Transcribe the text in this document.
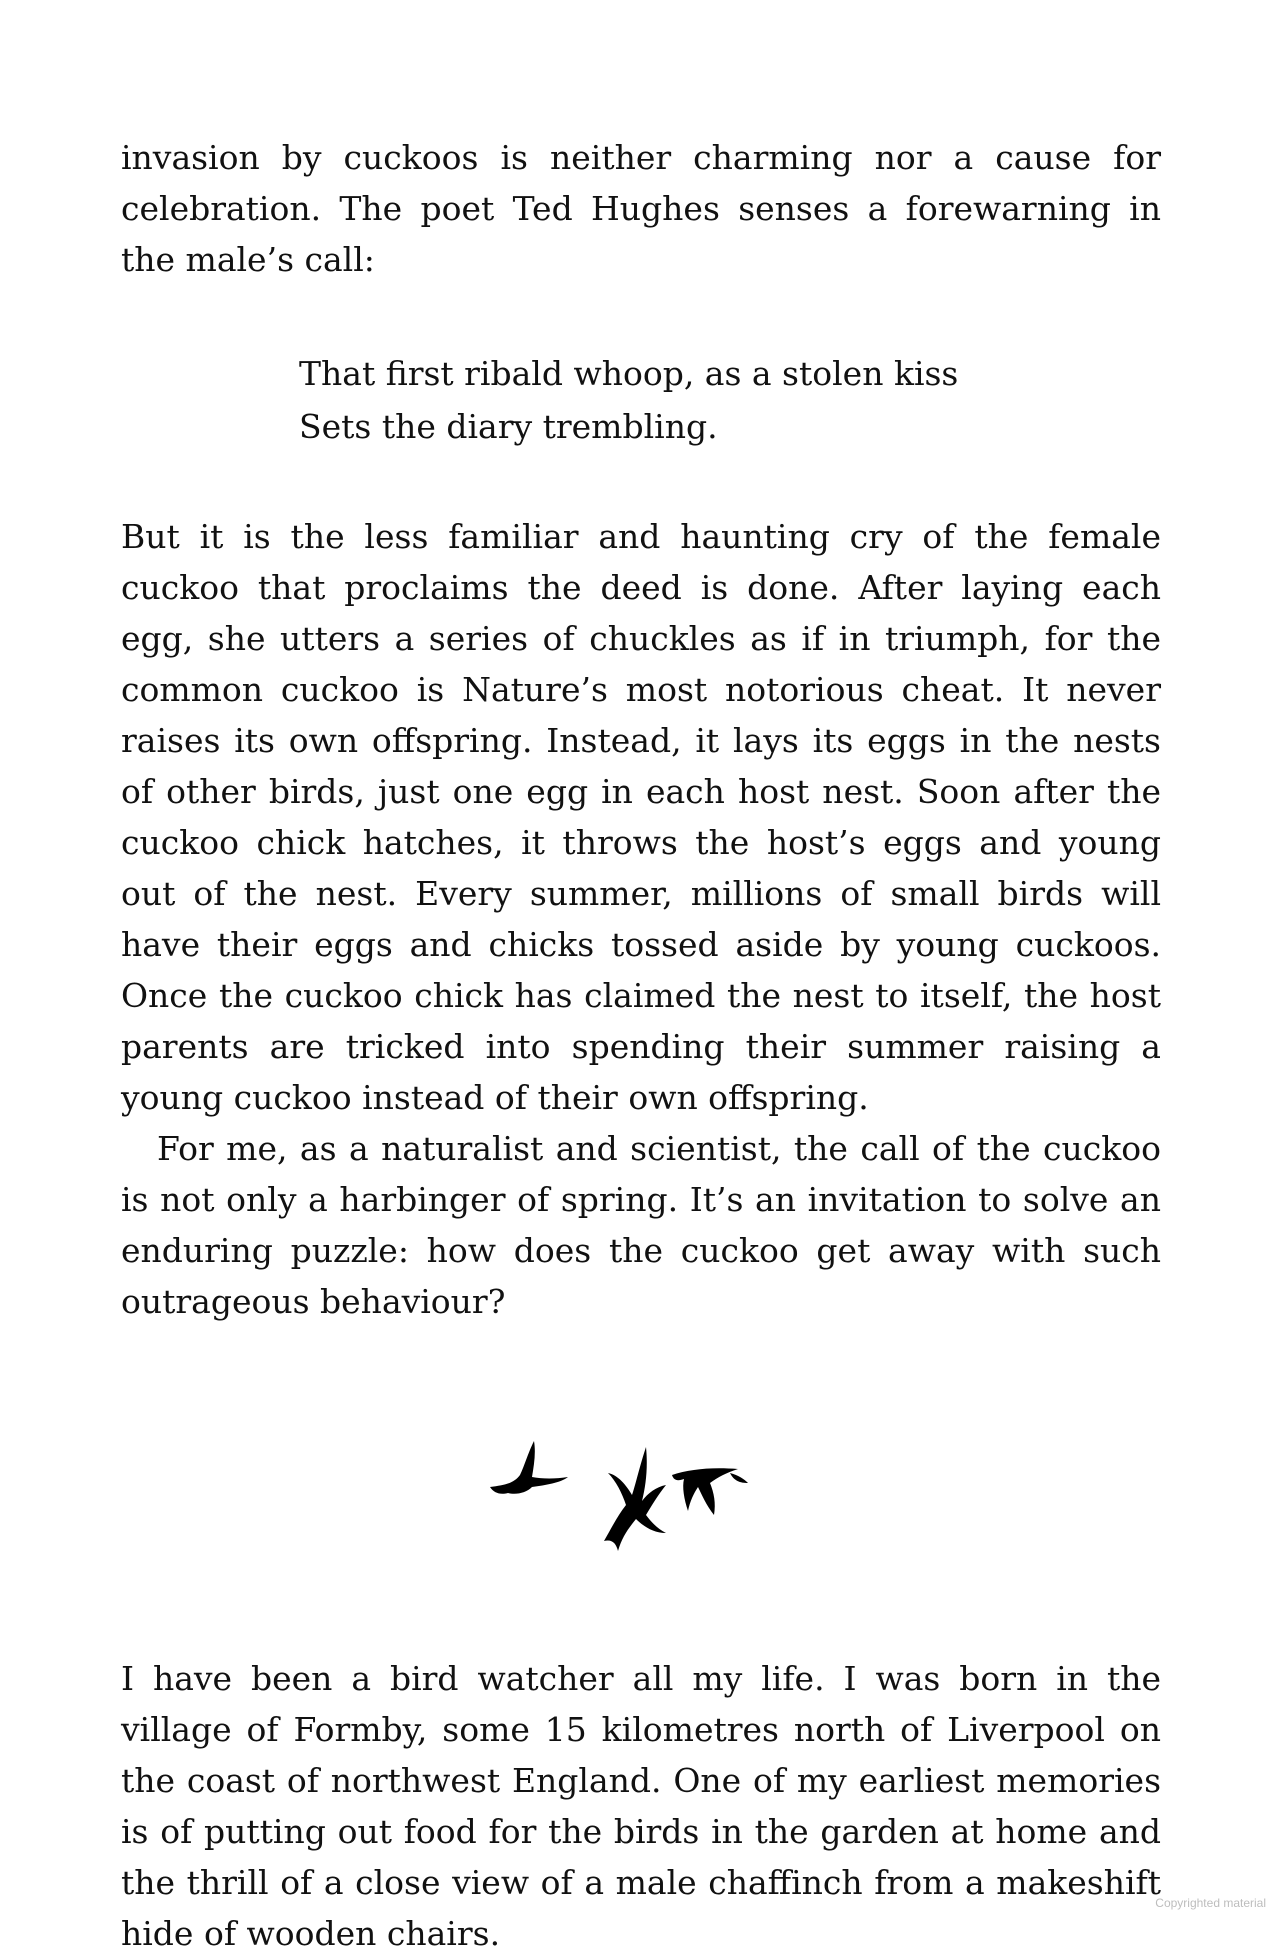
invasion by cuckoos is neither charming nor a cause for celebration. The poet Ted Hughes senses a forewarning in the male’s call:

That first ribald whoop, as a stolen kiss
Sets the diary trembling.

But it is the less familiar and haunting cry of the female cuckoo that proclaims the deed is done. After laying each egg, she utters a series of chuckles as if in triumph, for the common cuckoo is Nature’s most notorious cheat. It never raises its own offspring. Instead, it lays its eggs in the nests of other birds, just one egg in each host nest. Soon after the cuckoo chick hatches, it throws the host’s eggs and young out of the nest. Every summer, millions of small birds will have their eggs and chicks tossed aside by young cuckoos. Once the cuckoo chick has claimed the nest to itself, the host parents are tricked into spending their summer raising a young cuckoo instead of their own offspring.

For me, as a naturalist and scientist, the call of the cuckoo is not only a harbinger of spring. It’s an invitation to solve an enduring puzzle: how does the cuckoo get away with such outrageous behaviour?

I have been a bird watcher all my life. I was born in the village of Formby, some 15 kilometres north of Liverpool on the coast of northwest England. One of my earliest memories is of putting out food for the birds in the garden at home and the thrill of a close view of a male chaffinch from a makeshift hide of wooden chairs.

Copyrighted material
